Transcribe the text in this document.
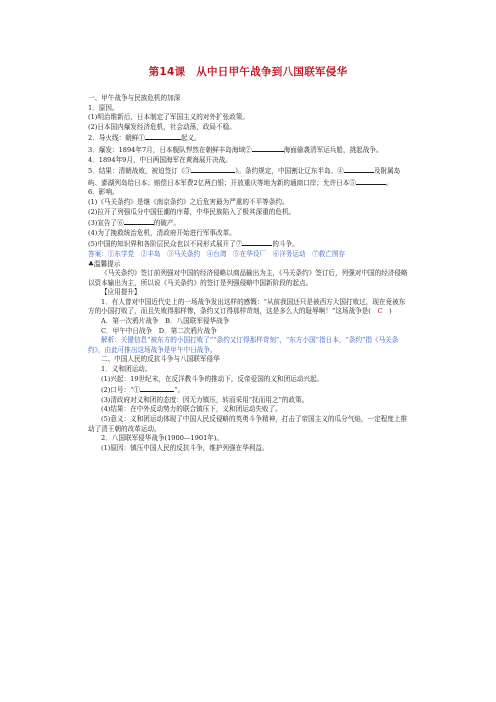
第14课　从中日甲午战争到八国联军侵华

一、甲午战争与民族危机的加深

1．原因。

(1)明治维新后，日本制定了军国主义的对外扩张政策。

(2)日本国内爆发经济危机，社会动荡，政局不稳。

2．导火线：朝鲜①	起义。

3．爆发：1894年7月，日本舰队悍然在朝鲜丰岛海域②	海面偷袭清军运兵船，挑起战争。

4．1894年9月，中日两国海军在黄海展开决战。

5．结果：清朝战败，被迫签订《③	》。条约规定，中国割让辽东半岛、④	及附属岛屿、澎湖列岛给日本；赔偿日本军费2亿两白银；开放重庆等地为新的通商口岸；允许日本⑤	。

6．影响。

(1)《马关条约》是继《南京条约》之后危害最为严重的不平等条约。

(2)拉开了列强瓜分中国狂潮的序幕，中华民族陷入了极其深重的危机。

(3)宣告了⑥	的破产。

(4)为了挽救统治危机，清政府开始进行军事改革。

(5)中国的知识界和各阶层民众也以不同形式展开了⑦	的斗争。

答案：①东学党　②丰岛　③马关条约　④台湾　⑤在华设厂　⑥洋务运动　⑦救亡图存

♣温馨提示

《马关条约》签订前列强对中国的经济侵略以商品输出为主，《马关条约》签订后，列强对中国的经济侵略以资本输出为主，所以说《马关条约》的签订是列强侵略中国新阶段的起点。

【应用提升】

1．有人曾对中国近代史上的一场战争发出这样的感慨：“从前我国还只是被西方大国打败过，现在竟被东方的小国打败了，而且失败得那样惨，条约又订得那样苛刻，这是多么大的耻辱啊！”这场战争是(　C　)

A．第一次鸦片战争　B．八国联军侵华战争

C．甲午中日战争　D．第二次鸦片战争

解析：关键信息“被东方的小国打败了”“条约又订得那样苛刻”，“东方小国”指日本，“条约”指《马关条约》，由此可推出这场战争是甲午中日战争。

二、中国人民的反抗斗争与八国联军侵华

1．义和团运动。

(1)兴起：19世纪末，在反洋教斗争的推动下，反帝爱国的义和团运动兴起。

(2)口号：“①	”。

(3)清政府对义和团的态度：因无力镇压，转而采用“抚而用之”的政策。

(4)结果：在中外反动势力的联合镇压下，义和团运动失败了。

(5)意义：义和团运动体现了中国人民反侵略的英勇斗争精神，打击了帝国主义的瓜分气焰，一定程度上推动了清王朝的改革运动。

2．八国联军侵华战争(1900—1901年)。

(1)原因：镇压中国人民的反抗斗争，维护列强在华利益。
